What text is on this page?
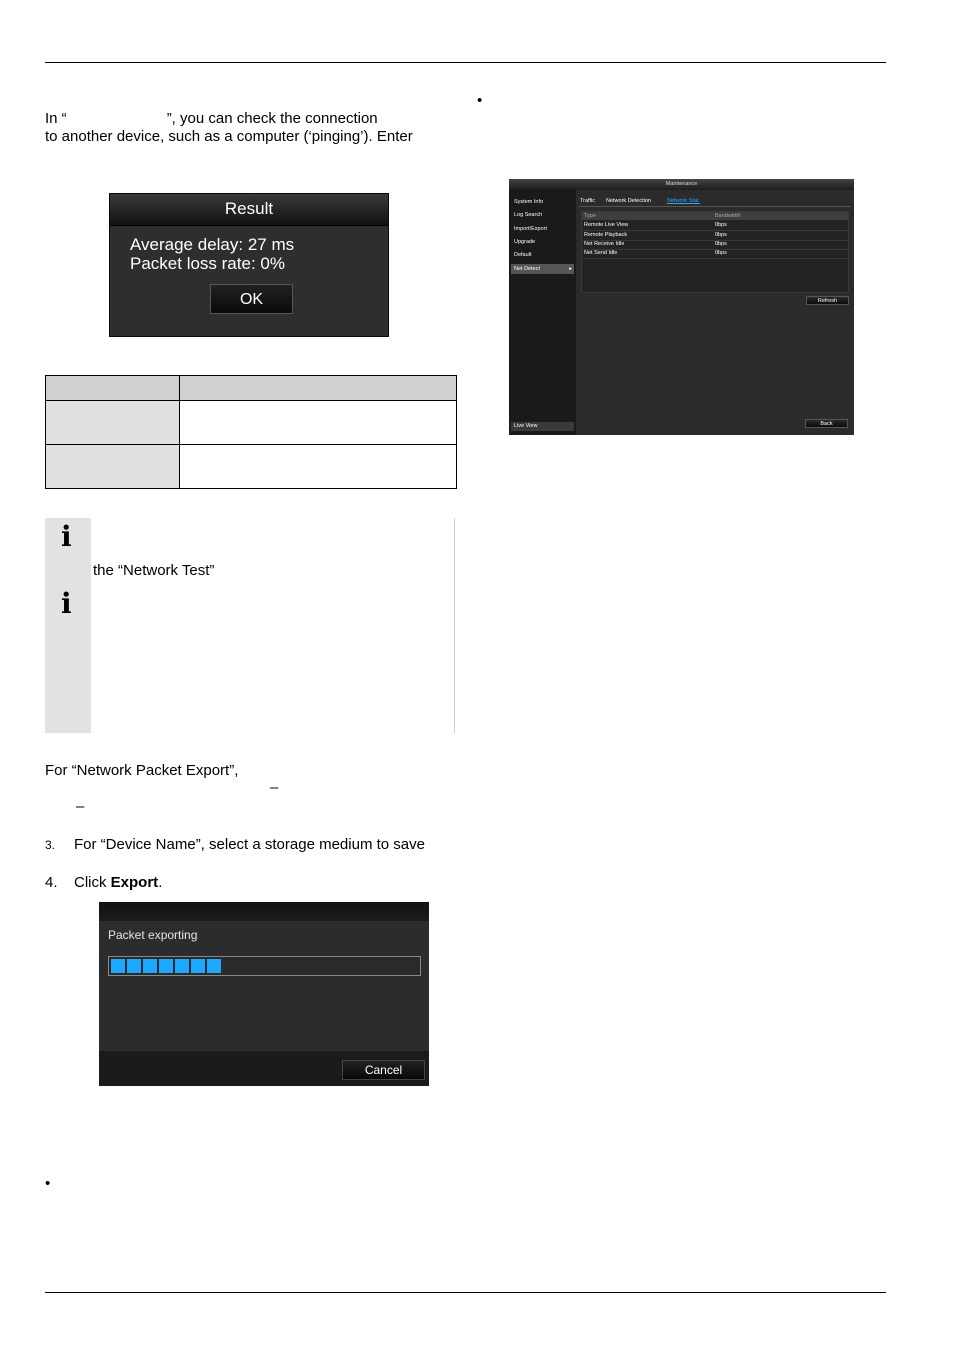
•
•
In “                        ”, you can check the connection
to another device, such as a computer (‘pinging’). Enter
Result
Average delay: 27 ms
Packet loss rate: 0%
OK

i
i
the “Network Test”
For “Network Packet Export”,
–
–
3. For “Device Name”, select a storage medium to save
4. Click Export.
Packet exporting
Cancel
Maintenance
System Info
Log Search
Import/Export
Upgrade
Default
Net Detect	▸
Live View
Traffic Network Detection	Network Stat.
Type	Bandwidth
Remote Live View	0bps
Remote Playback	0bps
Net Receive Idle	0bps
Net Send Idle	0bps
Refresh
Back
